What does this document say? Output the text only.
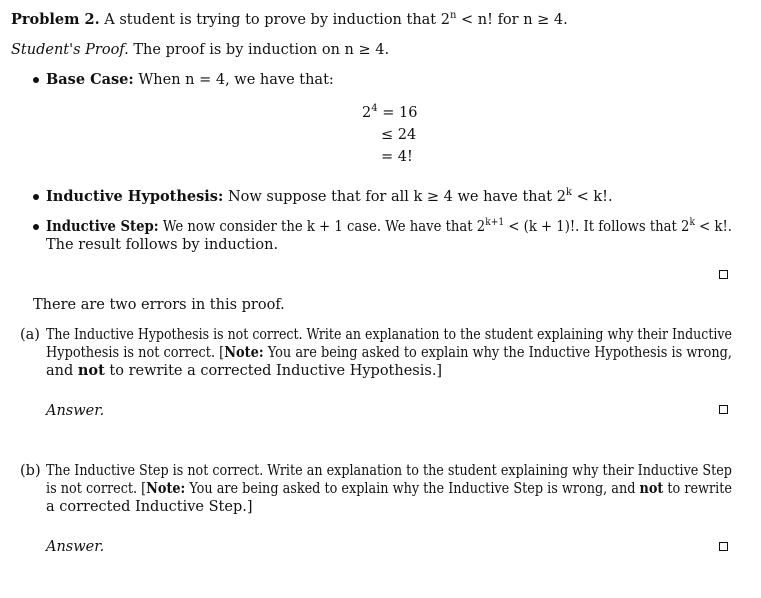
Problem 2. A student is trying to prove by induction that $2^n < n$! for n ≥ 4.
Student's Proof. The proof is by induction on n ≥ 4.
Base Case: When n = 4, we have that:
$2^4 = 16$
≤ 24
= 4!
Inductive Hypothesis: Now suppose that for all k ≥ 4 we have that $2^k < k$!.
Inductive Step: We now consider the k + 1 case. We have that $2^{k+1} < (k + 1)$!. It follows that $2^k < k$!.
The result follows by induction.
There are two errors in this proof.
(a) The Inductive Hypothesis is not correct. Write an explanation to the student explaining why their Inductive
Hypothesis is not correct. [Note: You are being asked to explain why the Inductive Hypothesis is wrong,
and not to rewrite a corrected Inductive Hypothesis.]
Answer.
(b) The Inductive Step is not correct. Write an explanation to the student explaining why their Inductive Step
is not correct. [Note: You are being asked to explain why the Inductive Step is wrong, and not to rewrite
a corrected Inductive Step.]
Answer.
